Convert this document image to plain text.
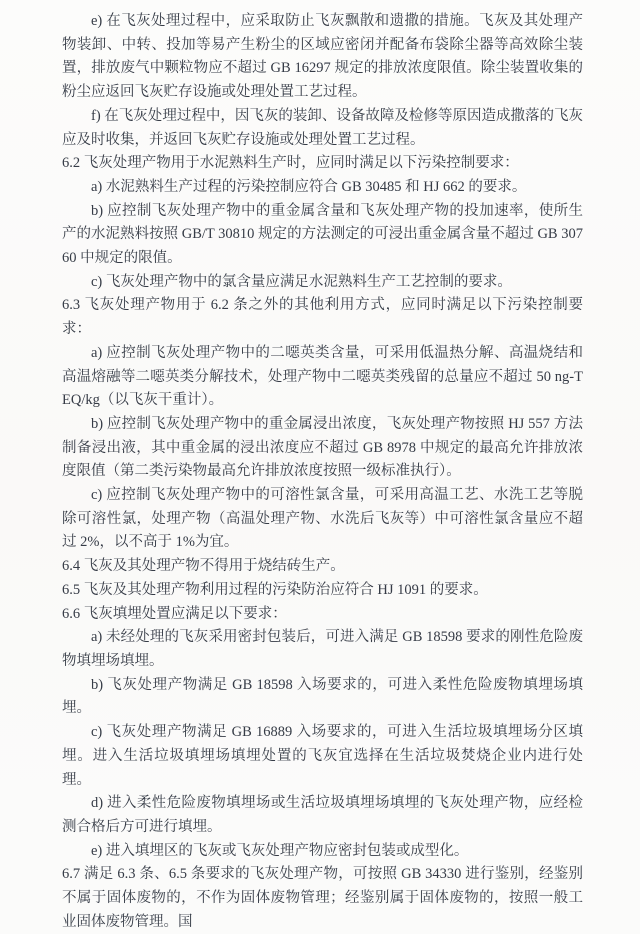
e) 在飞灰处理过程中，应采取防止飞灰飘散和遗撒的措施。飞灰及其处理产物装卸、中转、投加等易产生粉尘的区域应密闭并配备布袋除尘器等高效除尘装置，排放废气中颗粒物应不超过 GB 16297 规定的排放浓度限值。除尘装置收集的粉尘应返回飞灰贮存设施或处理处置工艺过程。

f) 在飞灰处理过程中，因飞灰的装卸、设备故障及检修等原因造成撒落的飞灰应及时收集，并返回飞灰贮存设施或处理处置工艺过程。

6.2 飞灰处理产物用于水泥熟料生产时，应同时满足以下污染控制要求：

a) 水泥熟料生产过程的污染控制应符合 GB 30485 和 HJ 662 的要求。

b) 应控制飞灰处理产物中的重金属含量和飞灰处理产物的投加速率，使所生产的水泥熟料按照 GB/T 30810 规定的方法测定的可浸出重金属含量不超过 GB 30760 中规定的限值。

c) 飞灰处理产物中的氯含量应满足水泥熟料生产工艺控制的要求。

6.3 飞灰处理产物用于 6.2 条之外的其他利用方式，应同时满足以下污染控制要求：

a) 应控制飞灰处理产物中的二噁英类含量，可采用低温热分解、高温烧结和高温熔融等二噁英类分解技术，处理产物中二噁英类残留的总量应不超过 50 ng-TEQ/kg（以飞灰干重计）。

b) 应控制飞灰处理产物中的重金属浸出浓度，飞灰处理产物按照 HJ 557 方法制备浸出液，其中重金属的浸出浓度应不超过 GB 8978 中规定的最高允许排放浓度限值（第二类污染物最高允许排放浓度按照一级标准执行）。

c) 应控制飞灰处理产物中的可溶性氯含量，可采用高温工艺、水洗工艺等脱除可溶性氯，处理产物（高温处理产物、水洗后飞灰等）中可溶性氯含量应不超过 2%，以不高于 1%为宜。

6.4 飞灰及其处理产物不得用于烧结砖生产。

6.5 飞灰及其处理产物利用过程的污染防治应符合 HJ 1091 的要求。

6.6 飞灰填埋处置应满足以下要求：

a) 未经处理的飞灰采用密封包装后，可进入满足 GB 18598 要求的刚性危险废物填埋场填埋。

b) 飞灰处理产物满足 GB 18598 入场要求的，可进入柔性危险废物填埋场填埋。

c) 飞灰处理产物满足 GB 16889 入场要求的，可进入生活垃圾填埋场分区填埋。进入生活垃圾填埋场填埋处置的飞灰宜选择在生活垃圾焚烧企业内进行处理。

d) 进入柔性危险废物填埋场或生活垃圾填埋场填埋的飞灰处理产物，应经检测合格后方可进行填埋。

e) 进入填埋区的飞灰或飞灰处理产物应密封包装或成型化。

6.7 满足 6.3 条、6.5 条要求的飞灰处理产物，可按照 GB 34330 进行鉴别，经鉴别不属于固体废物的，不作为固体废物管理；经鉴别属于固体废物的，按照一般工业固体废物管理。国
